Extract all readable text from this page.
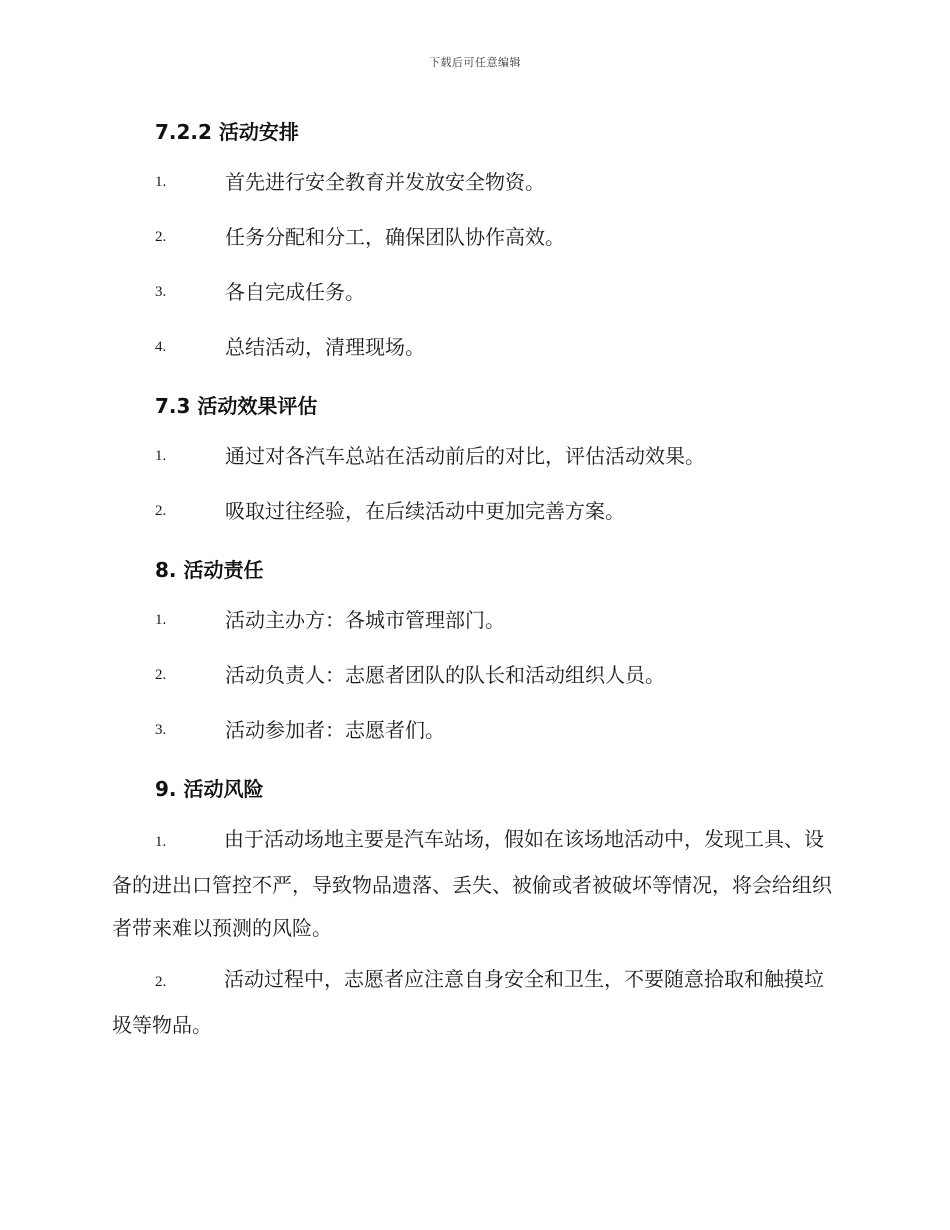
下载后可任意编辑
7.2.2 活动安排
1.	首先进行安全教育并发放安全物资。
2.	任务分配和分工，确保团队协作高效。
3.	各自完成任务。
4.	总结活动，清理现场。
7.3 活动效果评估
1.	通过对各汽车总站在活动前后的对比，评估活动效果。
2.	吸取过往经验，在后续活动中更加完善方案。
8. 活动责任
1.	活动主办方：各城市管理部门。
2.	活动负责人：志愿者团队的队长和活动组织人员。
3.	活动参加者：志愿者们。
9. 活动风险
1.	由于活动场地主要是汽车站场，假如在该场地活动中，发现工具、设备的进出口管控不严，导致物品遗落、丢失、被偷或者被破坏等情况，将会给组织者带来难以预测的风险。
2.	活动过程中，志愿者应注意自身安全和卫生，不要随意拾取和触摸垃圾等物品。
